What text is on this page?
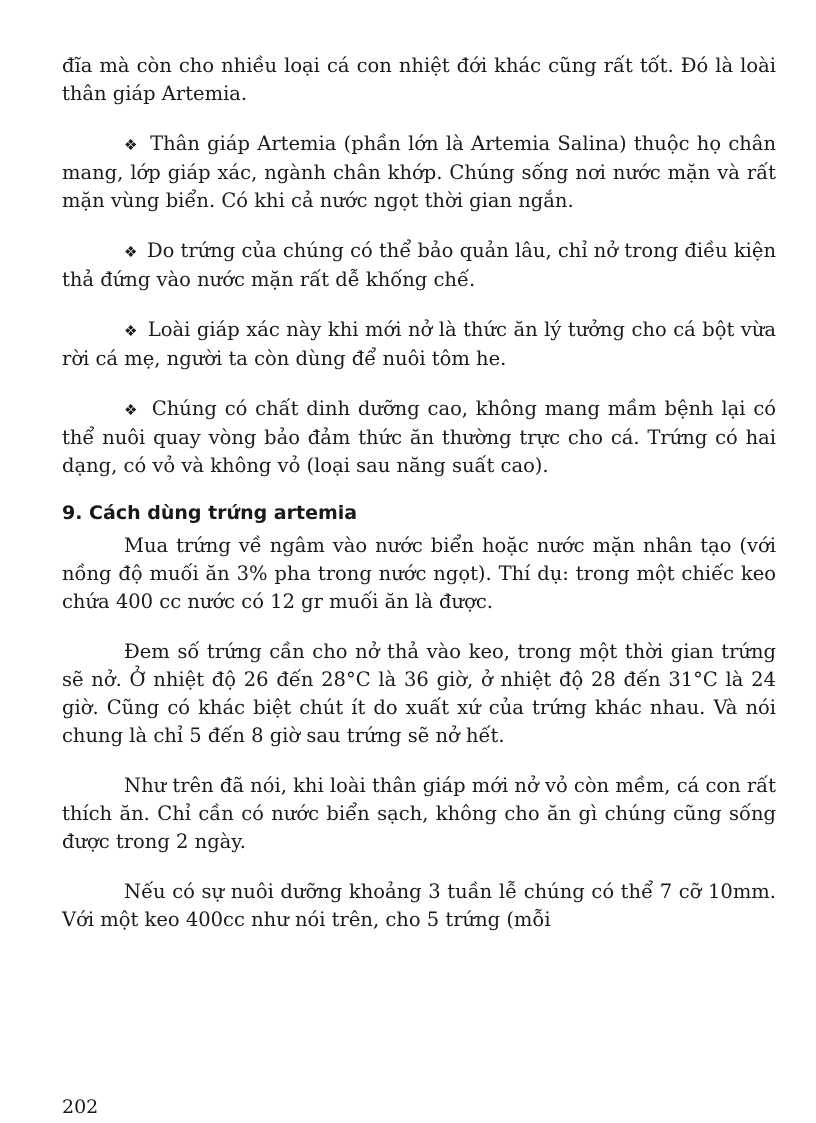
đĩa mà còn cho nhiều loại cá con nhiệt đới khác cũng rất tốt. Đó là loài thân giáp Artemia.

❖  Thân giáp Artemia (phần lớn là Artemia Salina) thuộc họ chân mang, lớp giáp xác, ngành chân khớp. Chúng sống nơi nước mặn và rất mặn vùng biển. Có khi cả nước ngọt thời gian ngắn.

❖  Do trứng của chúng có thể bảo quản lâu, chỉ nở trong điều kiện thả đứng vào nước mặn rất dễ khống chế.

❖  Loài giáp xác này khi mới nở là thức ăn lý tưởng cho cá bột vừa rời cá mẹ, người ta còn dùng để nuôi tôm he.

❖  Chúng có chất dinh dưỡng cao, không mang mầm bệnh lại có thể nuôi quay vòng bảo đảm thức ăn thường trực cho cá. Trứng có hai dạng, có vỏ và không vỏ (loại sau năng suất cao).

9. Cách dùng trứng artemia

Mua trứng về ngâm vào nước biển hoặc nước mặn nhân tạo (với nồng độ muối ăn 3% pha trong nước ngọt). Thí dụ: trong một chiếc keo chứa 400 cc nước có 12 gr muối ăn là được.

Đem số trứng cần cho nở thả vào keo, trong một thời gian trứng sẽ nở. Ở nhiệt độ 26 đến 28°C là 36 giờ, ở nhiệt độ 28 đến 31°C là 24 giờ. Cũng có khác biệt chút ít do xuất xứ của trứng khác nhau. Và nói chung là chỉ 5 đến 8 giờ sau trứng sẽ nở hết.

Như trên đã nói, khi loài thân giáp mới nở vỏ còn mềm, cá con rất thích ăn. Chỉ cần có nước biển sạch, không cho ăn gì chúng cũng sống được trong 2 ngày.

Nếu có sự nuôi dưỡng khoảng 3 tuần lễ chúng có thể 7 cỡ 10mm. Với một keo 400cc như nói trên, cho 5 trứng (mỗi

202
